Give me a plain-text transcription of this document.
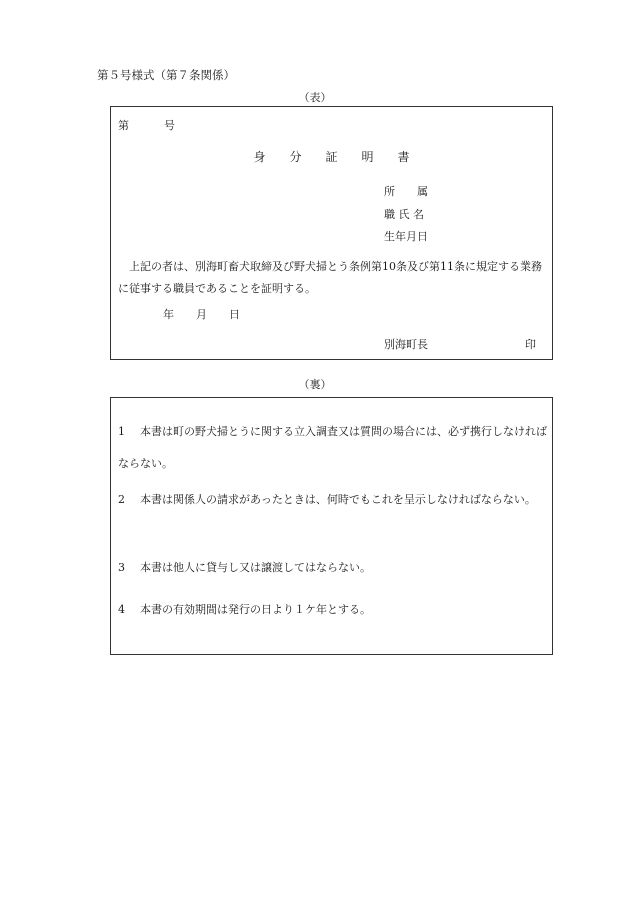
第５号様式（第７条関係）
（表）
第	号
身　　分　　証　　明　　書
所　　属
職 氏 名
生年月日
上記の者は、別海町畜犬取締及び野犬掃とう条例第10条及び第11条に規定する業務に従事する職員であることを証明する。
年　　月　　日
別海町長	印
（裏）
1 本書は町の野犬掃とうに関する立入調査又は質問の場合には、必ず携行しなければならない。
2 本書は関係人の請求があったときは、何時でもこれを呈示しなければならない。
3 本書は他人に貸与し又は譲渡してはならない。
4 本書の有効期間は発行の日より１ケ年とする。
